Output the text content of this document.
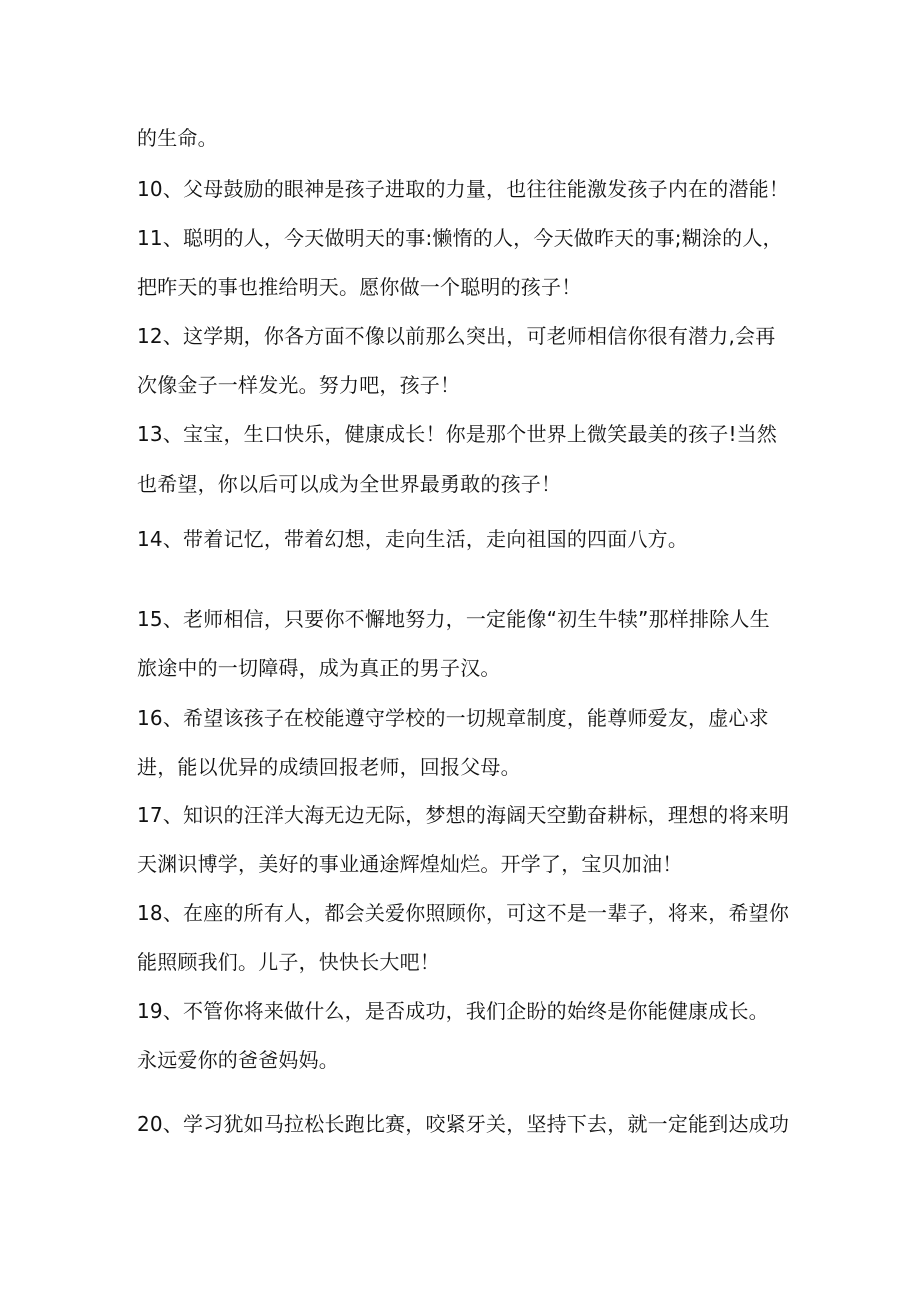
的生命。
10、父母鼓励的眼神是孩子进取的力量，也往往能激发孩子内在的潜能！
11、聪明的人，今天做明天的事:懒惰的人，今天做昨天的事;糊涂的人，
把昨天的事也推给明天。愿你做一个聪明的孩子！
12、这学期，你各方面不像以前那么突出，可老师相信你很有潜力,会再
次像金子一样发光。努力吧，孩子！
13、宝宝，生口快乐，健康成长！你是那个世界上微笑最美的孩子!当然
也希望，你以后可以成为全世界最勇敢的孩子！
14、带着记忆，带着幻想，走向生活，走向祖国的四面八方。
15、老师相信，只要你不懈地努力，一定能像“初生牛犊”那样排除人生
旅途中的一切障碍，成为真正的男子汉。
16、希望该孩子在校能遵守学校的一切规章制度，能尊师爱友，虚心求
进，能以优异的成绩回报老师，回报父母。
17、知识的汪洋大海无边无际，梦想的海阔天空勤奋耕标，理想的将来明
天渊识博学，美好的事业通途辉煌灿烂。开学了，宝贝加油！
18、在座的所有人，都会关爱你照顾你，可这不是一辈子，将来，希望你
能照顾我们。儿子，快快长大吧！
19、不管你将来做什么，是否成功，我们企盼的始终是你能健康成长。
永远爱你的爸爸妈妈。
20、学习犹如马拉松长跑比赛，咬紧牙关，坚持下去，就一定能到达成功
